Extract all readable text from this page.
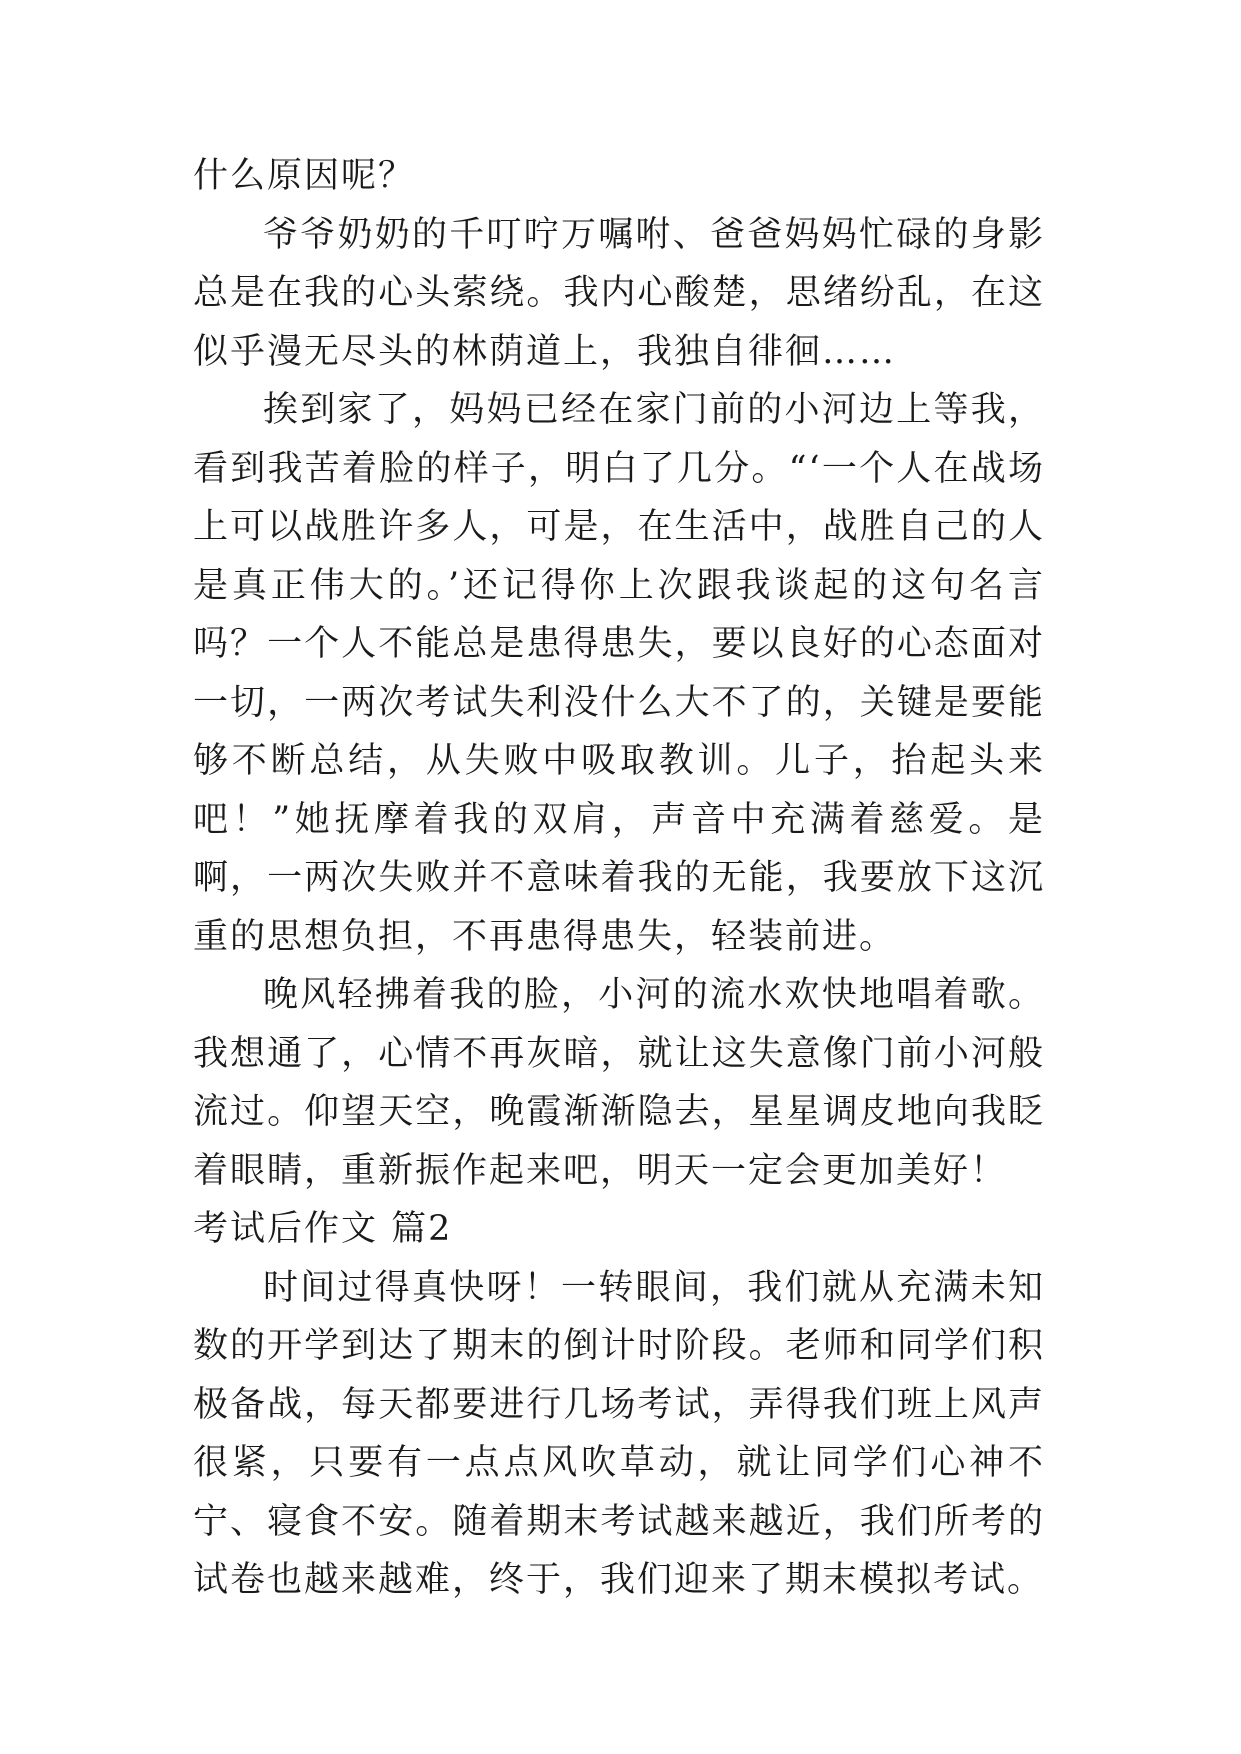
什么原因呢？

爷爷奶奶的千叮咛万嘱咐、爸爸妈妈忙碌的身影总是在我的心头萦绕。我内心酸楚，思绪纷乱，在这似乎漫无尽头的林荫道上，我独自徘徊……

挨到家了，妈妈已经在家门前的小河边上等我，看到我苦着脸的样子，明白了几分。“‘一个人在战场上可以战胜许多人，可是，在生活中，战胜自己的人是真正伟大的。’还记得你上次跟我谈起的这句名言吗？一个人不能总是患得患失，要以良好的心态面对一切，一两次考试失利没什么大不了的，关键是要能够不断总结，从失败中吸取教训。儿子，抬起头来吧！”她抚摩着我的双肩，声音中充满着慈爱。是啊，一两次失败并不意味着我的无能，我要放下这沉重的思想负担，不再患得患失，轻装前进。

晚风轻拂着我的脸，小河的流水欢快地唱着歌。我想通了，心情不再灰暗，就让这失意像门前小河般流过。仰望天空，晚霞渐渐隐去，星星调皮地向我眨着眼睛，重新振作起来吧，明天一定会更加美好！

考试后作文 篇2

时间过得真快呀！一转眼间，我们就从充满未知数的开学到达了期末的倒计时阶段。老师和同学们积极备战，每天都要进行几场考试，弄得我们班上风声很紧，只要有一点点风吹草动，就让同学们心神不宁、寝食不安。随着期末考试越来越近，我们所考的试卷也越来越难，终于，我们迎来了期末模拟考试。
